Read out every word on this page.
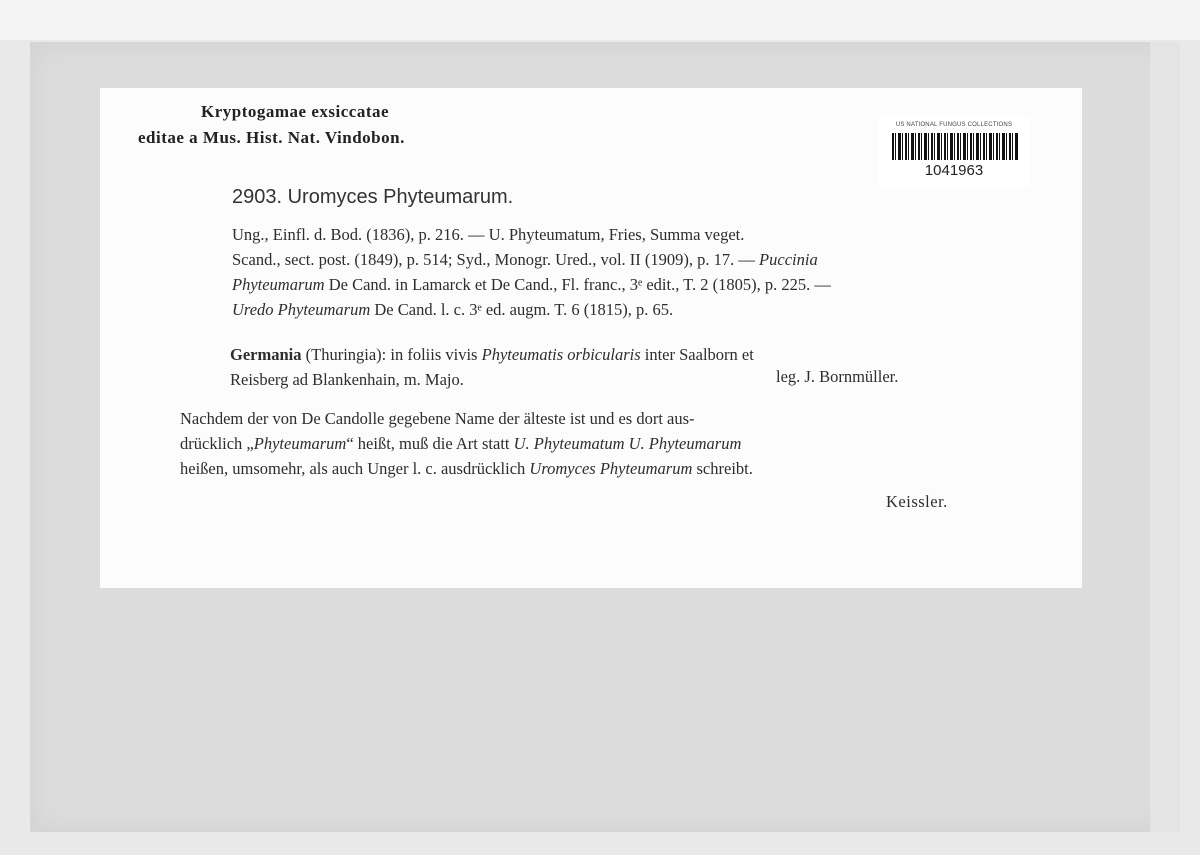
Kryptogamae exsiccatae
editae a Mus. Hist. Nat. Vindobon.
US NATIONAL FUNGUS COLLECTIONS
1041963
2903. Uromyces Phyteumarum.
Ung., Einfl. d. Bod. (1836), p. 216. — U. Phyteumatum, Fries, Summa veget.
Scand., sect. post. (1849), p. 514; Syd., Monogr. Ured., vol. II (1909), p. 17. — Puccinia
Phyteumarum De Cand. in Lamarck et De Cand., Fl. franc., 3ᵉ edit., T. 2 (1805), p. 225. —
Uredo Phyteumarum De Cand. l. c. 3ᵉ ed. augm. T. 6 (1815), p. 65.
Germania (Thuringia): in foliis vivis Phyteumatis orbicularis inter Saalborn et
Reisberg ad Blankenhain, m. Majo.	leg. J. Bornmüller.
Nachdem der von De Candolle gegebene Name der älteste ist und es dort aus-
drücklich „Phyteumarum“ heißt, muß die Art statt U. Phyteumatum U. Phyteumarum
heißen, umsomehr, als auch Unger l. c. ausdrücklich Uromyces Phyteumarum schreibt.
Keissler.
